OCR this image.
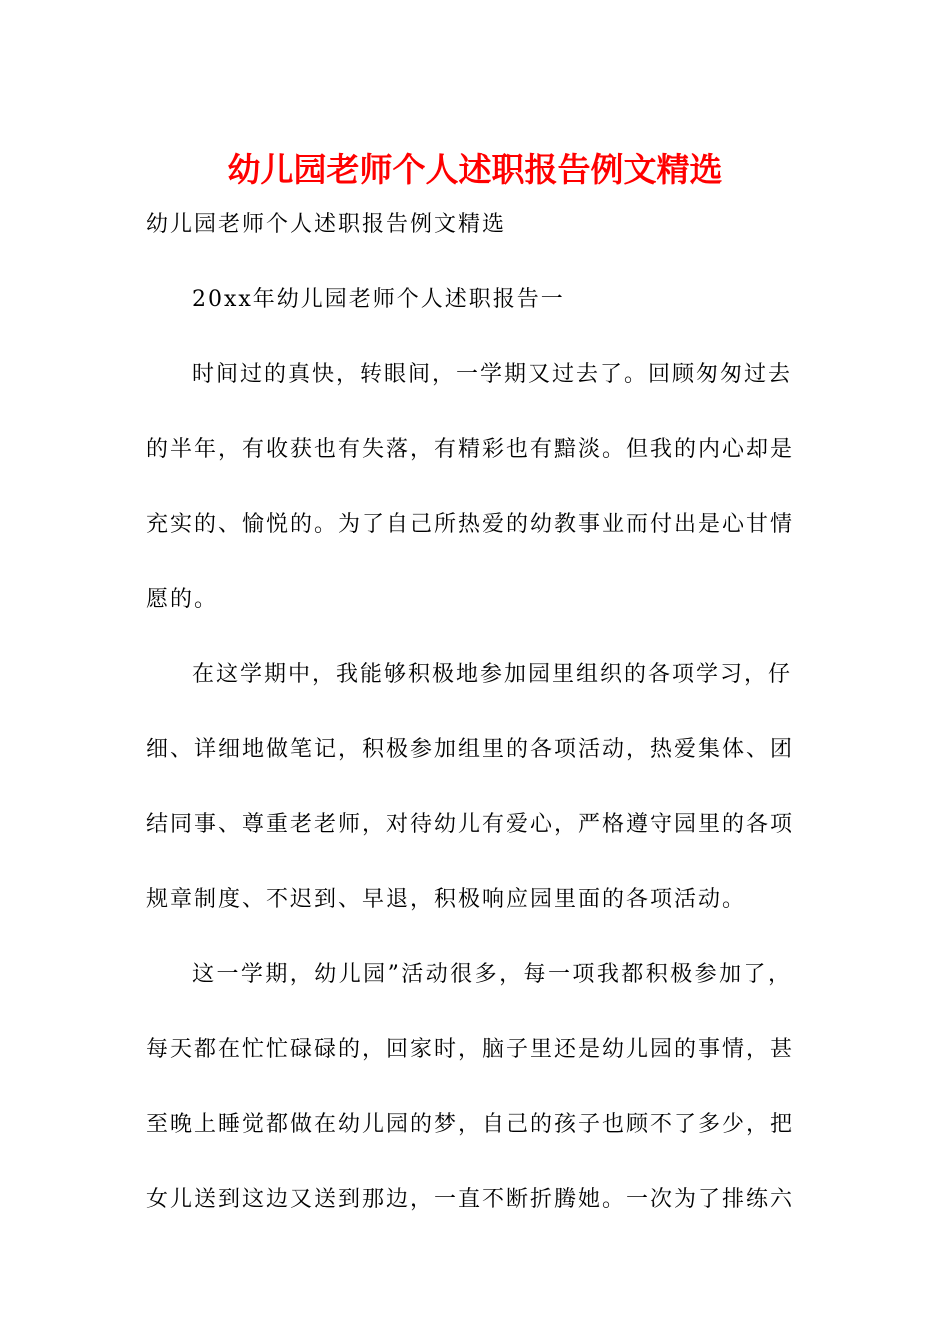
幼儿园老师个人述职报告例文精选

幼儿园老师个人述职报告例文精选

20xx年幼儿园老师个人述职报告一
时间过的真快，转眼间，一学期又过去了。回顾匆匆过去
的半年，有收获也有失落，有精彩也有黯淡。但我的内心却是
充实的、愉悦的。为了自己所热爱的幼教事业而付出是心甘情
愿的。
在这学期中，我能够积极地参加园里组织的各项学习，仔
细、详细地做笔记，积极参加组里的各项活动，热爱集体、团
结同事、尊重老老师，对待幼儿有爱心，严格遵守园里的各项
规章制度、不迟到、早退，积极响应园里面的各项活动。
这一学期，幼儿园”活动很多，每一项我都积极参加了，
每天都在忙忙碌碌的，回家时，脑子里还是幼儿园的事情，甚
至晚上睡觉都做在幼儿园的梦，自己的孩子也顾不了多少，把
女儿送到这边又送到那边，一直不断折腾她。一次为了排练六
